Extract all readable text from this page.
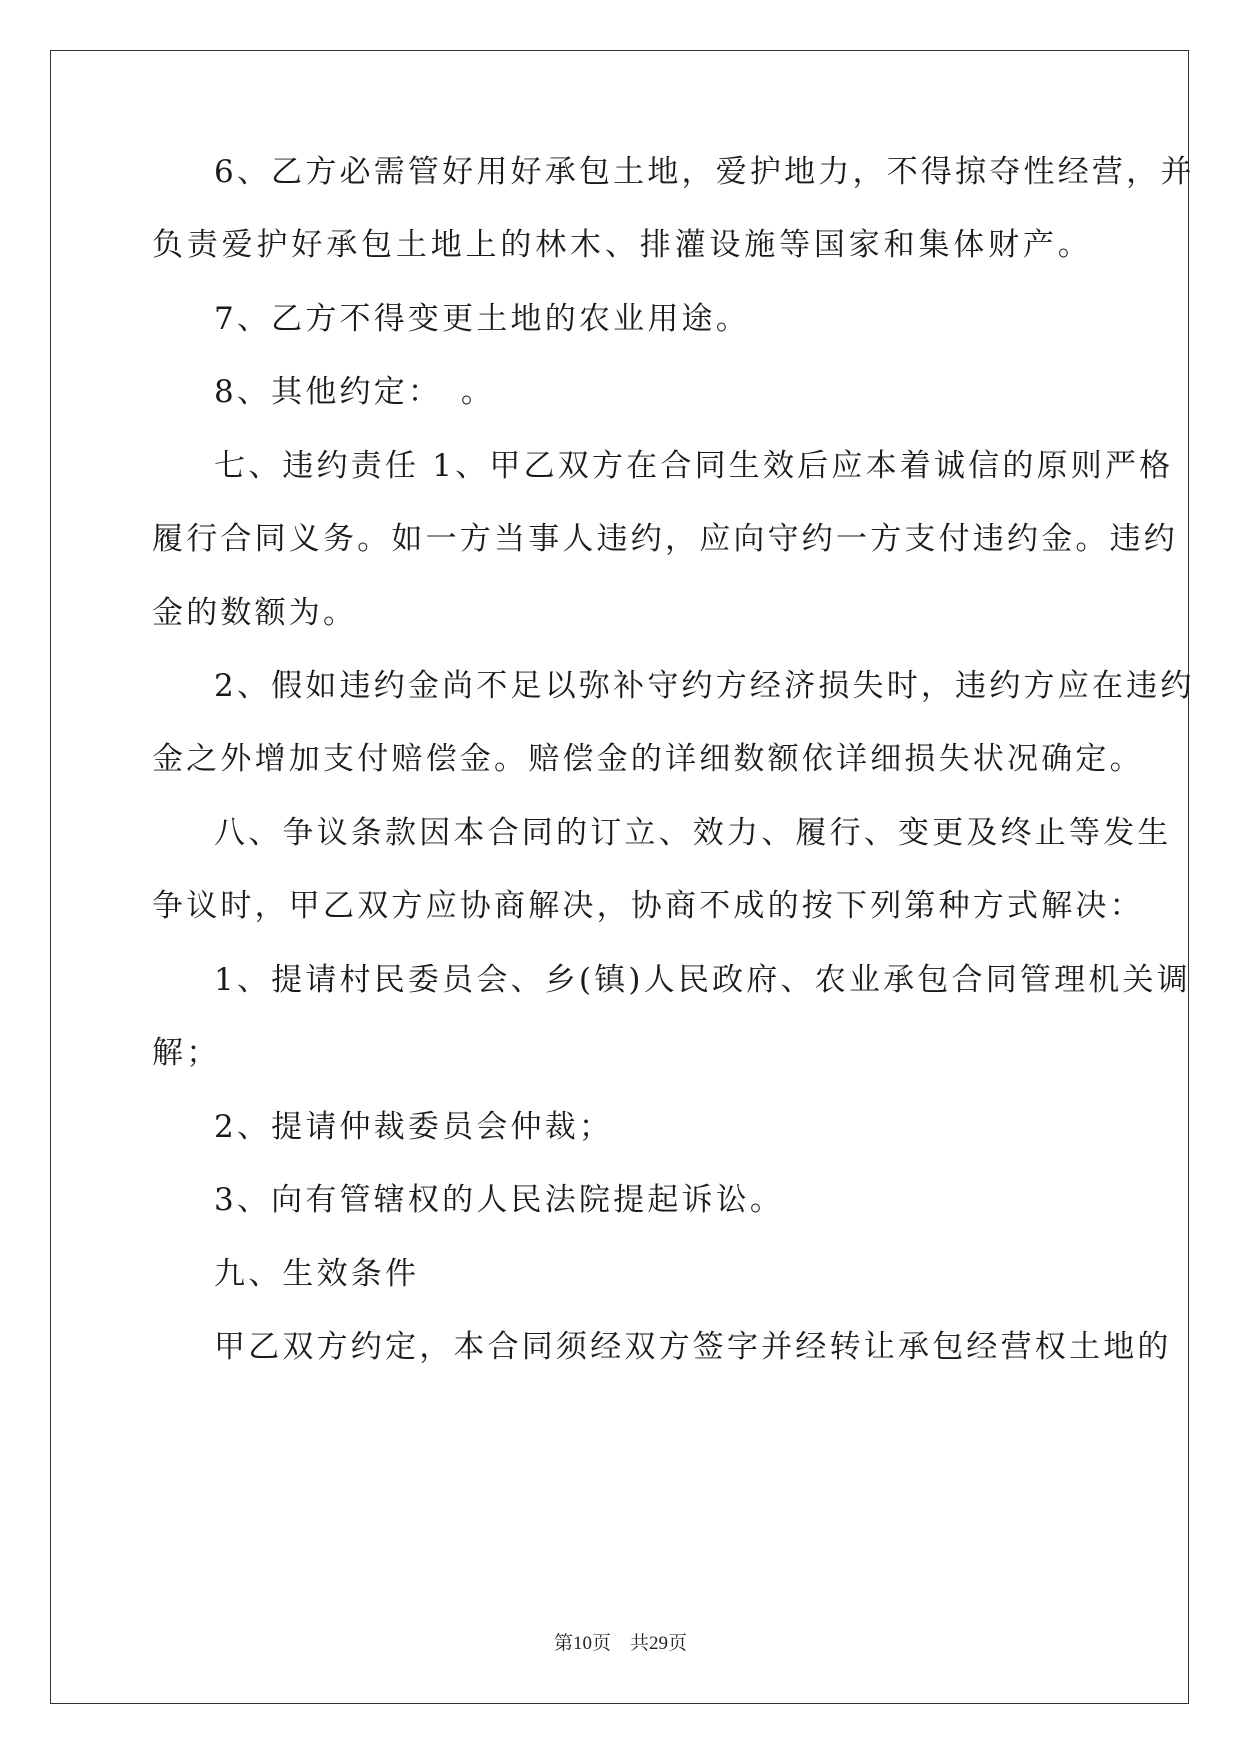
6、乙方必需管好用好承包土地，爱护地力，不得掠夺性经营，并
负责爱护好承包土地上的林木、排灌设施等国家和集体财产。
7、乙方不得变更土地的农业用途。
8、其他约定：　。
七、违约责任 1、甲乙双方在合同生效后应本着诚信的原则严格
履行合同义务。如一方当事人违约，应向守约一方支付违约金。违约
金的数额为。
2、假如违约金尚不足以弥补守约方经济损失时，违约方应在违约
金之外增加支付赔偿金。赔偿金的详细数额依详细损失状况确定。
八、争议条款因本合同的订立、效力、履行、变更及终止等发生
争议时，甲乙双方应协商解决，协商不成的按下列第种方式解决：
1、提请村民委员会、乡(镇)人民政府、农业承包合同管理机关调
解；
2、提请仲裁委员会仲裁；
3、向有管辖权的人民法院提起诉讼。
九、生效条件
甲乙双方约定，本合同须经双方签字并经转让承包经营权土地的
第10页　共29页
